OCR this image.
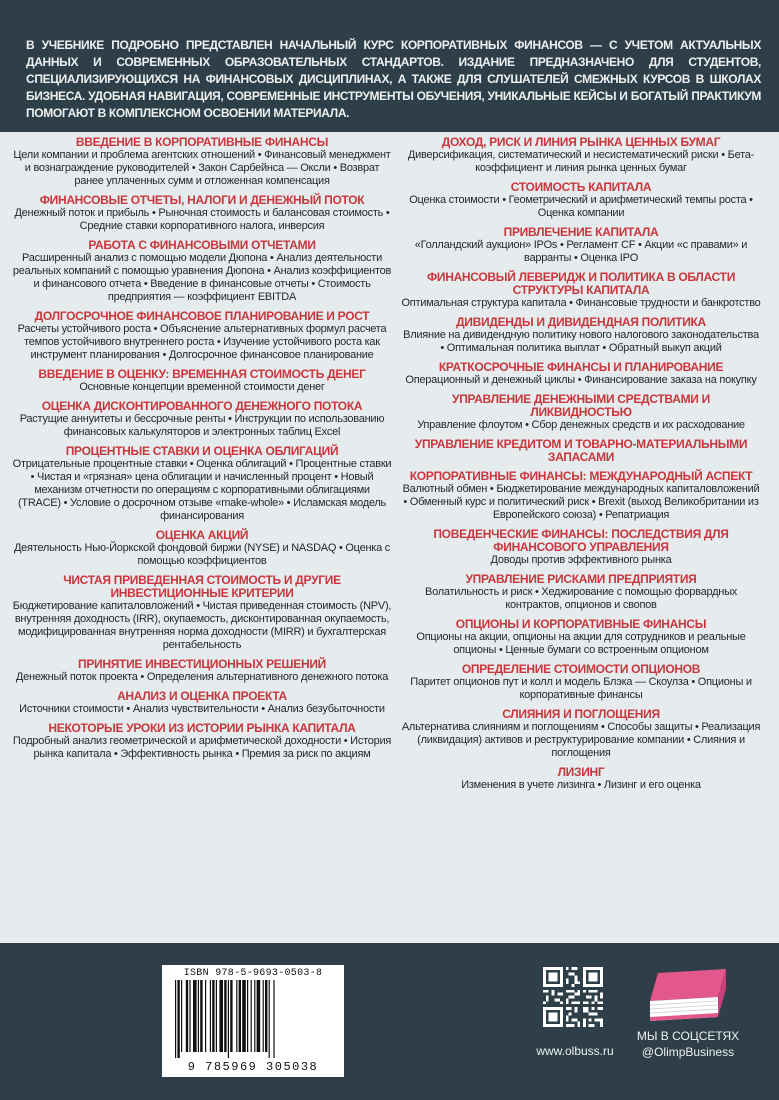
В УЧЕБНИКЕ ПОДРОБНО ПРЕДСТАВЛЕН НАЧАЛЬНЫЙ КУРС КОРПОРАТИВНЫХ ФИНАНСОВ — С УЧЕТОМ АКТУАЛЬНЫХ ДАННЫХ И СОВРЕМЕННЫХ ОБРАЗОВАТЕЛЬНЫХ СТАНДАРТОВ. ИЗДАНИЕ ПРЕДНАЗНАЧЕНО ДЛЯ СТУДЕНТОВ, СПЕЦИАЛИЗИРУЮЩИХСЯ НА ФИНАНСОВЫХ ДИСЦИПЛИНАХ, А ТАКЖЕ ДЛЯ СЛУШАТЕЛЕЙ СМЕЖНЫХ КУРСОВ В ШКОЛАХ БИЗНЕСА. УДОБНАЯ НАВИГАЦИЯ, СОВРЕМЕННЫЕ ИНСТРУМЕНТЫ ОБУЧЕНИЯ, УНИКАЛЬНЫЕ КЕЙСЫ И БОГАТЫЙ ПРАКТИКУМ ПОМОГАЮТ В КОМПЛЕКСНОМ ОСВОЕНИИ МАТЕРИАЛА.

ВВЕДЕНИЕ В КОРПОРАТИВНЫЕ ФИНАНСЫ

Цели компании и проблема агентских отношений • Финансовый менеджмент и вознаграждение руководителей • Закон Сарбейнса — Оксли • Возврат ранее уплаченных сумм и отложенная компенсация

ФИНАНСОВЫЕ ОТЧЕТЫ, НАЛОГИ И ДЕНЕЖНЫЙ ПОТОК

Денежный поток и прибыль • Рыночная стоимость и балансовая стоимость • Средние ставки корпоративного налога, инверсия

РАБОТА С ФИНАНСОВЫМИ ОТЧЕТАМИ

Расширенный анализ с помощью модели Дюпона • Анализ деятельности реальных компаний с помощью уравнения Дюпона • Анализ коэффициентов и финансового отчета • Введение в финансовые отчеты • Стоимость предприятия — коэффициент EBITDA

ДОЛГОСРОЧНОЕ ФИНАНСОВОЕ ПЛАНИРОВАНИЕ И РОСТ

Расчеты устойчивого роста • Объяснение альтернативных формул расчета темпов устойчивого внутреннего роста • Изучение устойчивого роста как инструмент планирования • Долгосрочное финансовое планирование

ВВЕДЕНИЕ В ОЦЕНКУ: ВРЕМЕННАЯ СТОИМОСТЬ ДЕНЕГ

Основные концепции временной стоимости денег

ОЦЕНКА ДИСКОНТИРОВАННОГО ДЕНЕЖНОГО ПОТОКА

Растущие аннуитеты и бессрочные ренты • Инструкции по использованию финансовых калькуляторов и электронных таблиц Excel

ПРОЦЕНТНЫЕ СТАВКИ И ОЦЕНКА ОБЛИГАЦИЙ

Отрицательные процентные ставки • Оценка облигаций • Процентные ставки • Чистая и «грязная» цена облигации и начисленный процент • Новый механизм отчетности по операциям с корпоративными облигациями (TRACE) • Условие о досрочном отзыве «make-whole» • Исламская модель финансирования

ОЦЕНКА АКЦИЙ

Деятельность Нью-Йоркской фондовой биржи (NYSE) и NASDAQ • Оценка с помощью коэффициентов

ЧИСТАЯ ПРИВЕДЕННАЯ СТОИМОСТЬ И ДРУГИЕ ИНВЕСТИЦИОННЫЕ КРИТЕРИИ

Бюджетирование капиталовложений • Чистая приведенная стоимость (NPV), внутренняя доходность (IRR), окупаемость, дисконтированная окупаемость, модифицированная внутренняя норма доходности (MIRR) и бухгалтерская рентабельность

ПРИНЯТИЕ ИНВЕСТИЦИОННЫХ РЕШЕНИЙ

Денежный поток проекта • Определения альтернативного денежного потока

АНАЛИЗ И ОЦЕНКА ПРОЕКТА

Источники стоимости • Анализ чувствительности • Анализ безубыточности

НЕКОТОРЫЕ УРОКИ ИЗ ИСТОРИИ РЫНКА КАПИТАЛА

Подробный анализ геометрической и арифметической доходности • История рынка капитала • Эффективность рынка • Премия за риск по акциям

ДОХОД, РИСК И ЛИНИЯ РЫНКА ЦЕННЫХ БУМАГ

Диверсификация, систематический и несистематический риски • Бета-коэффициент и линия рынка ценных бумаг

СТОИМОСТЬ КАПИТАЛА

Оценка стоимости • Геометрический и арифметический темпы роста • Оценка компании

ПРИВЛЕЧЕНИЕ КАПИТАЛА

«Голландский аукцион» IPOs • Регламент CF • Акции «с правами» и варранты • Оценка IPO

ФИНАНСОВЫЙ ЛЕВЕРИДЖ И ПОЛИТИКА В ОБЛАСТИ СТРУКТУРЫ КАПИТАЛА

Оптимальная структура капитала • Финансовые трудности и банкротство

ДИВИДЕНДЫ И ДИВИДЕНДНАЯ ПОЛИТИКА

Влияние на дивидендную политику нового налогового законодательства • Оптимальная политика выплат • Обратный выкуп акций

КРАТКОСРОЧНЫЕ ФИНАНСЫ И ПЛАНИРОВАНИЕ

Операционный и денежный циклы • Финансирование заказа на покупку

УПРАВЛЕНИЕ ДЕНЕЖНЫМИ СРЕДСТВАМИ И ЛИКВИДНОСТЬЮ

Управление флоутом • Сбор денежных средств и их расходование

УПРАВЛЕНИЕ КРЕДИТОМ И ТОВАРНО-МАТЕРИАЛЬНЫМИ ЗАПАСАМИ
КОРПОРАТИВНЫЕ ФИНАНСЫ: МЕЖДУНАРОДНЫЙ АСПЕКТ

Валютный обмен • Бюджетирование международных капиталовложений • Обменный курс и политический риск • Brexit (выход Великобритании из Европейского союза) • Репатриация

ПОВЕДЕНЧЕСКИЕ ФИНАНСЫ: ПОСЛЕДСТВИЯ ДЛЯ ФИНАНСОВОГО УПРАВЛЕНИЯ

Доводы против эффективного рынка

УПРАВЛЕНИЕ РИСКАМИ ПРЕДПРИЯТИЯ

Волатильность и риск • Хеджирование с помощью форвардных контрактов, опционов и свопов

ОПЦИОНЫ И КОРПОРАТИВНЫЕ ФИНАНСЫ

Опционы на акции, опционы на акции для сотрудников и реальные опционы • Ценные бумаги со встроенным опционом

ОПРЕДЕЛЕНИЕ СТОИМОСТИ ОПЦИОНОВ

Паритет опционов пут и колл и модель Блэка — Скоулза • Опционы и корпоративные финансы

СЛИЯНИЯ И ПОГЛОЩЕНИЯ

Альтернатива слияниям и поглощениям • Способы защиты • Реализация (ликвидация) активов и реструктурирование компании • Слияния и поглощения

ЛИЗИНГ

Изменения в учете лизинга • Лизинг и его оценка

ISBN 978-5-9693-0503-8
9 785969 305038
www.olbuss.ru
МЫ В СОЦСЕТЯХ
@OlimpBusiness
